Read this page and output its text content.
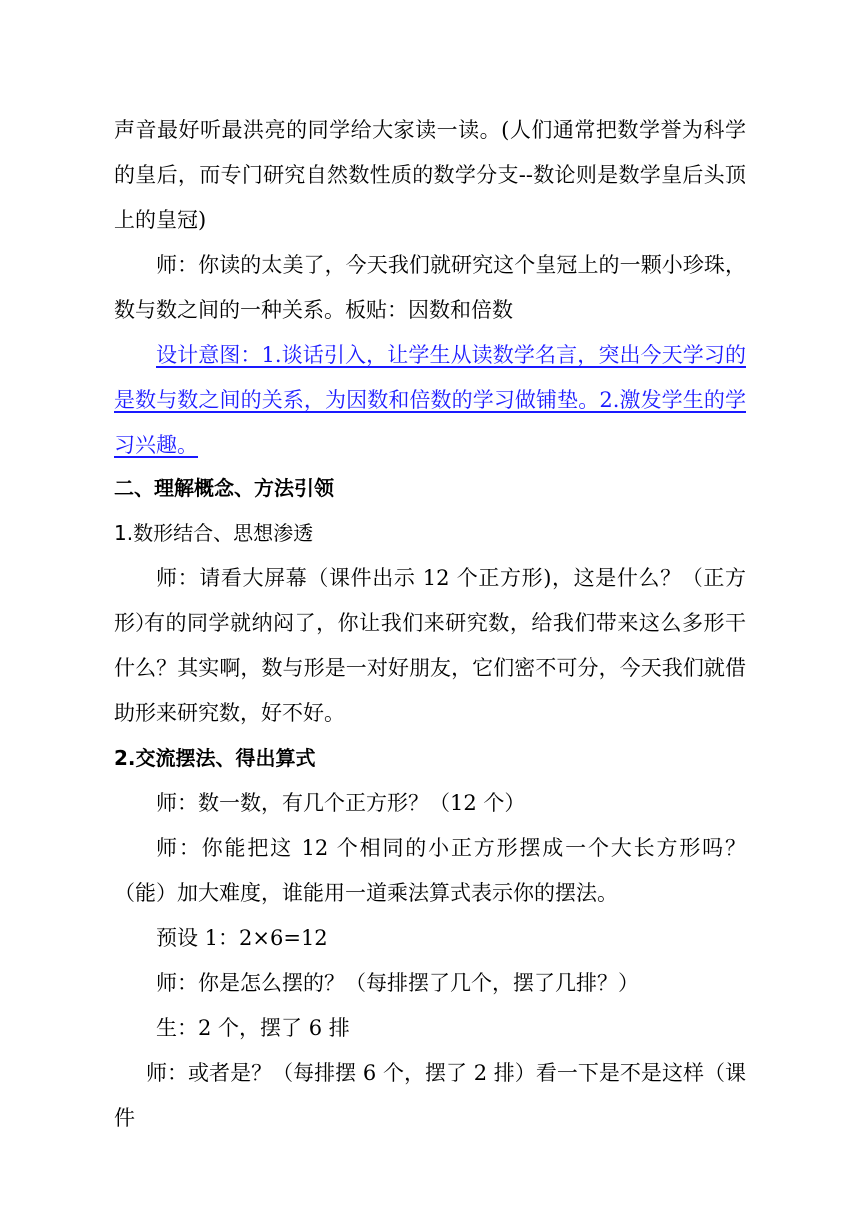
声音最好听最洪亮的同学给大家读一读。(人们通常把数学誉为科学的皇后，而专门研究自然数性质的数学分支--数论则是数学皇后头顶上的皇冠)

师：你读的太美了，今天我们就研究这个皇冠上的一颗小珍珠，数与数之间的一种关系。板贴：因数和倍数

设计意图：1.谈话引入，让学生从读数学名言，突出今天学习的是数与数之间的关系，为因数和倍数的学习做铺垫。2.激发学生的学习兴趣。

二、理解概念、方法引领

1.数形结合、思想渗透

师：请看大屏幕（课件出示 12 个正方形)，这是什么？（正方形）

有的同学就纳闷了，你让我们来研究数，给我们带来这么多形干什么？其实啊，数与形是一对好朋友，它们密不可分，今天我们就借助形来研究数，好不好。

2.交流摆法、得出算式

师：数一数，有几个正方形？（12 个）

师：你能把这 12 个相同的小正方形摆成一个大长方形吗？（能）加大难度，谁能用一道乘法算式表示你的摆法。

预设 1：2×6=12

师：你是怎么摆的？（每排摆了几个，摆了几排？）

生：2 个，摆了 6 排

师：或者是？（每排摆 6 个，摆了 2 排）看一下是不是这样（课件
